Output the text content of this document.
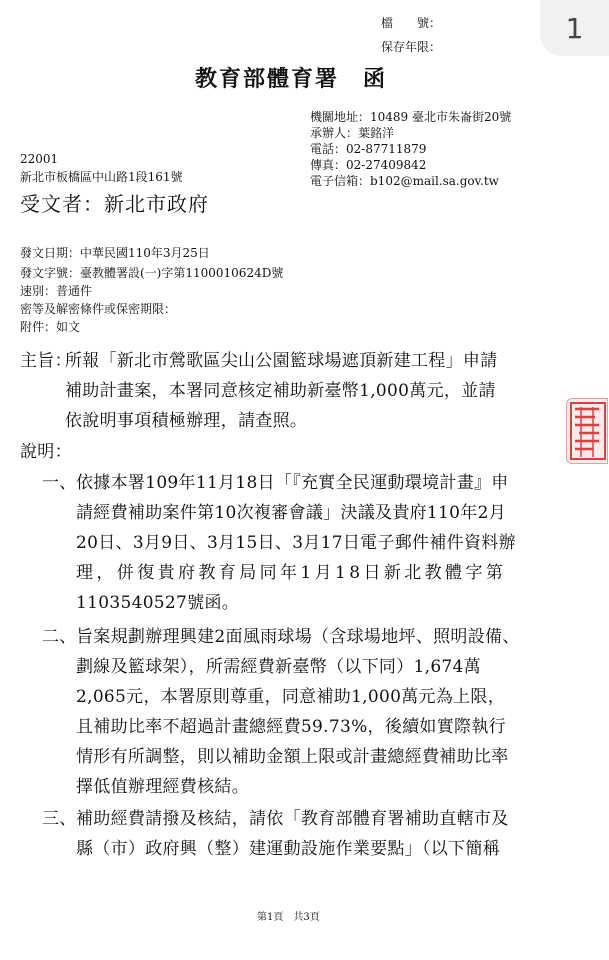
1
檔　　號：
保存年限：
教育部體育署　函
機關地址：10489 臺北市朱崙街20號
承辦人：葉銘洋
電話：02-87711879
傳真：02-27409842
電子信箱：b102@mail.sa.gov.tw
22001
新北市板橋區中山路1段161號
受文者：新北市政府
發文日期：中華民國110年3月25日
發文字號：臺教體署設(一)字第1100010624D號
速別：普通件
密等及解密條件或保密期限：
附件：如文
主旨：
所報「新北市鶯歌區尖山公園籃球場遮頂新建工程」申請
補助計畫案，本署同意核定補助新臺幣1,000萬元，並請
依說明事項積極辦理，請查照。
說明：
一、 依據本署109年11月18日「『充實全民運動環境計畫』申
請經費補助案件第10次複審會議」決議及貴府110年2月
20日、3月9日、3月15日、3月17日電子郵件補件資料辦
理，併復貴府教育局同年1月18日新北教體字第
1103540527號函。
二、 旨案規劃辦理興建2面風雨球場（含球場地坪、照明設備、
劃線及籃球架），所需經費新臺幣（以下同）1,674萬
2,065元，本署原則尊重，同意補助1,000萬元為上限，
且補助比率不超過計畫總經費59.73%，後續如實際執行
情形有所調整，則以補助金額上限或計畫總經費補助比率
擇低值辦理經費核結。
三、 補助經費請撥及核結，請依「教育部體育署補助直轄市及
縣（市）政府興（整）建運動設施作業要點」（以下簡稱
第1頁　共3頁
